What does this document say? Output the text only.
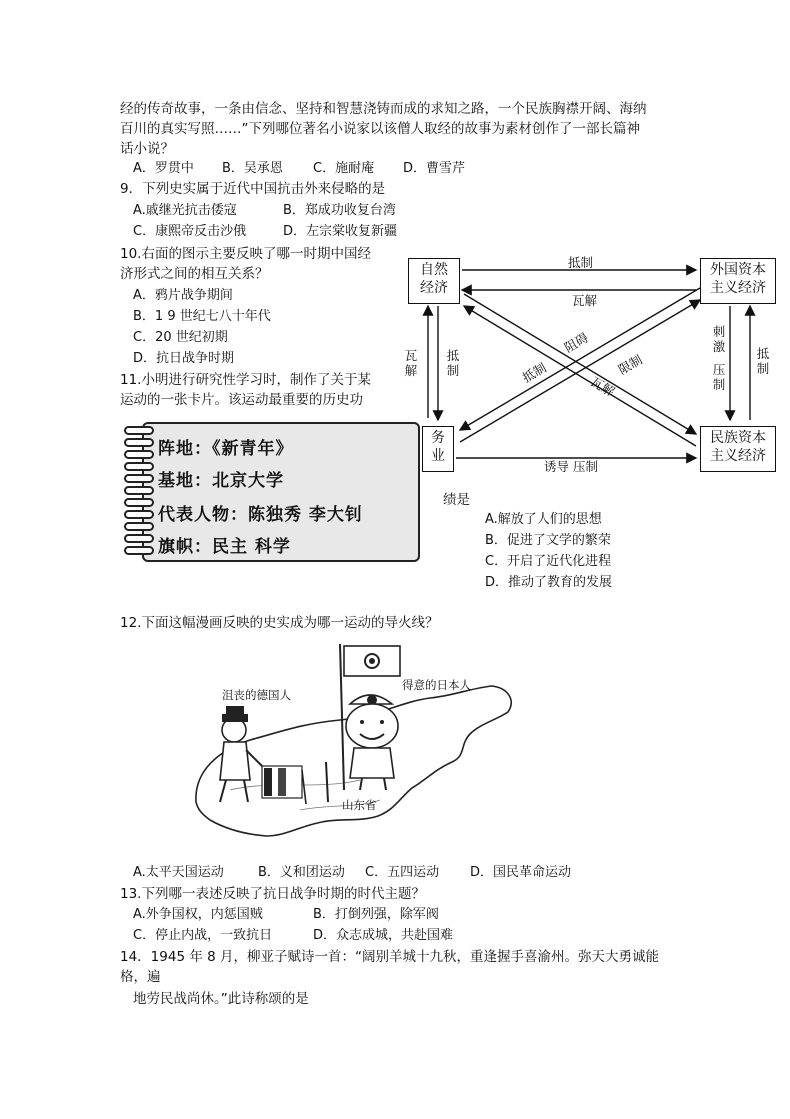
经的传奇故事，一条由信念、坚持和智慧浇铸而成的求知之路，一个民族胸襟开阔、海纳
百川的真实写照……”下列哪位著名小说家以该僧人取经的故事为素材创作了一部长篇神
话小说？
A．罗贯中 B．吴承恩 C．施耐庵 D．曹雪芹
9．下列史实属于近代中国抗击外来侵略的是
A.戚继光抗击倭寇	B．郑成功收复台湾
C．康熙帝反击沙俄	D．左宗棠收复新疆
10.右面的图示主要反映了哪一时期中国经
济形式之间的相互关系？
A．鸦片战争期间
B．1 9 世纪七八十年代
C．20 世纪初期
D．抗日战争时期
自然
经济
外国资本
主义经济
务
业
民族资本
主义经济
抵制
瓦解
诱导 压制
瓦
解
抵
制
刺
激
压
制
抵
制
阻碍
限制
抵制
瓦解
11.小明进行研究性学习时，制作了关于某
运动的一张卡片。该运动最重要的历史功
阵地：《新青年》
基地：北京大学
代表人物：陈独秀 李大钊
旗帜：民主 科学
绩是
A.解放了人们的思想
B．促进了文学的繁荣
C．开启了近代化进程
D．推动了教育的发展
12.下面这幅漫画反映的史实成为哪一运动的导火线？
沮丧的德国人
得意的日本人
山东省
A.太平天国运动	B．义和团运动 C．五四运动 D．国民革命运动
13.下列哪一表述反映了抗日战争时期的时代主题？
A.外争国权，内惩国贼	B．打倒列强，除军阀
C．停止内战，一致抗日	D．众志成城，共赴国难
14．1945 年 8 月，柳亚子赋诗一首：“阔别羊城十九秋，重逢握手喜渝州。弥天大勇诚能
格，遍
地劳民战尚休。”此诗称颂的是
